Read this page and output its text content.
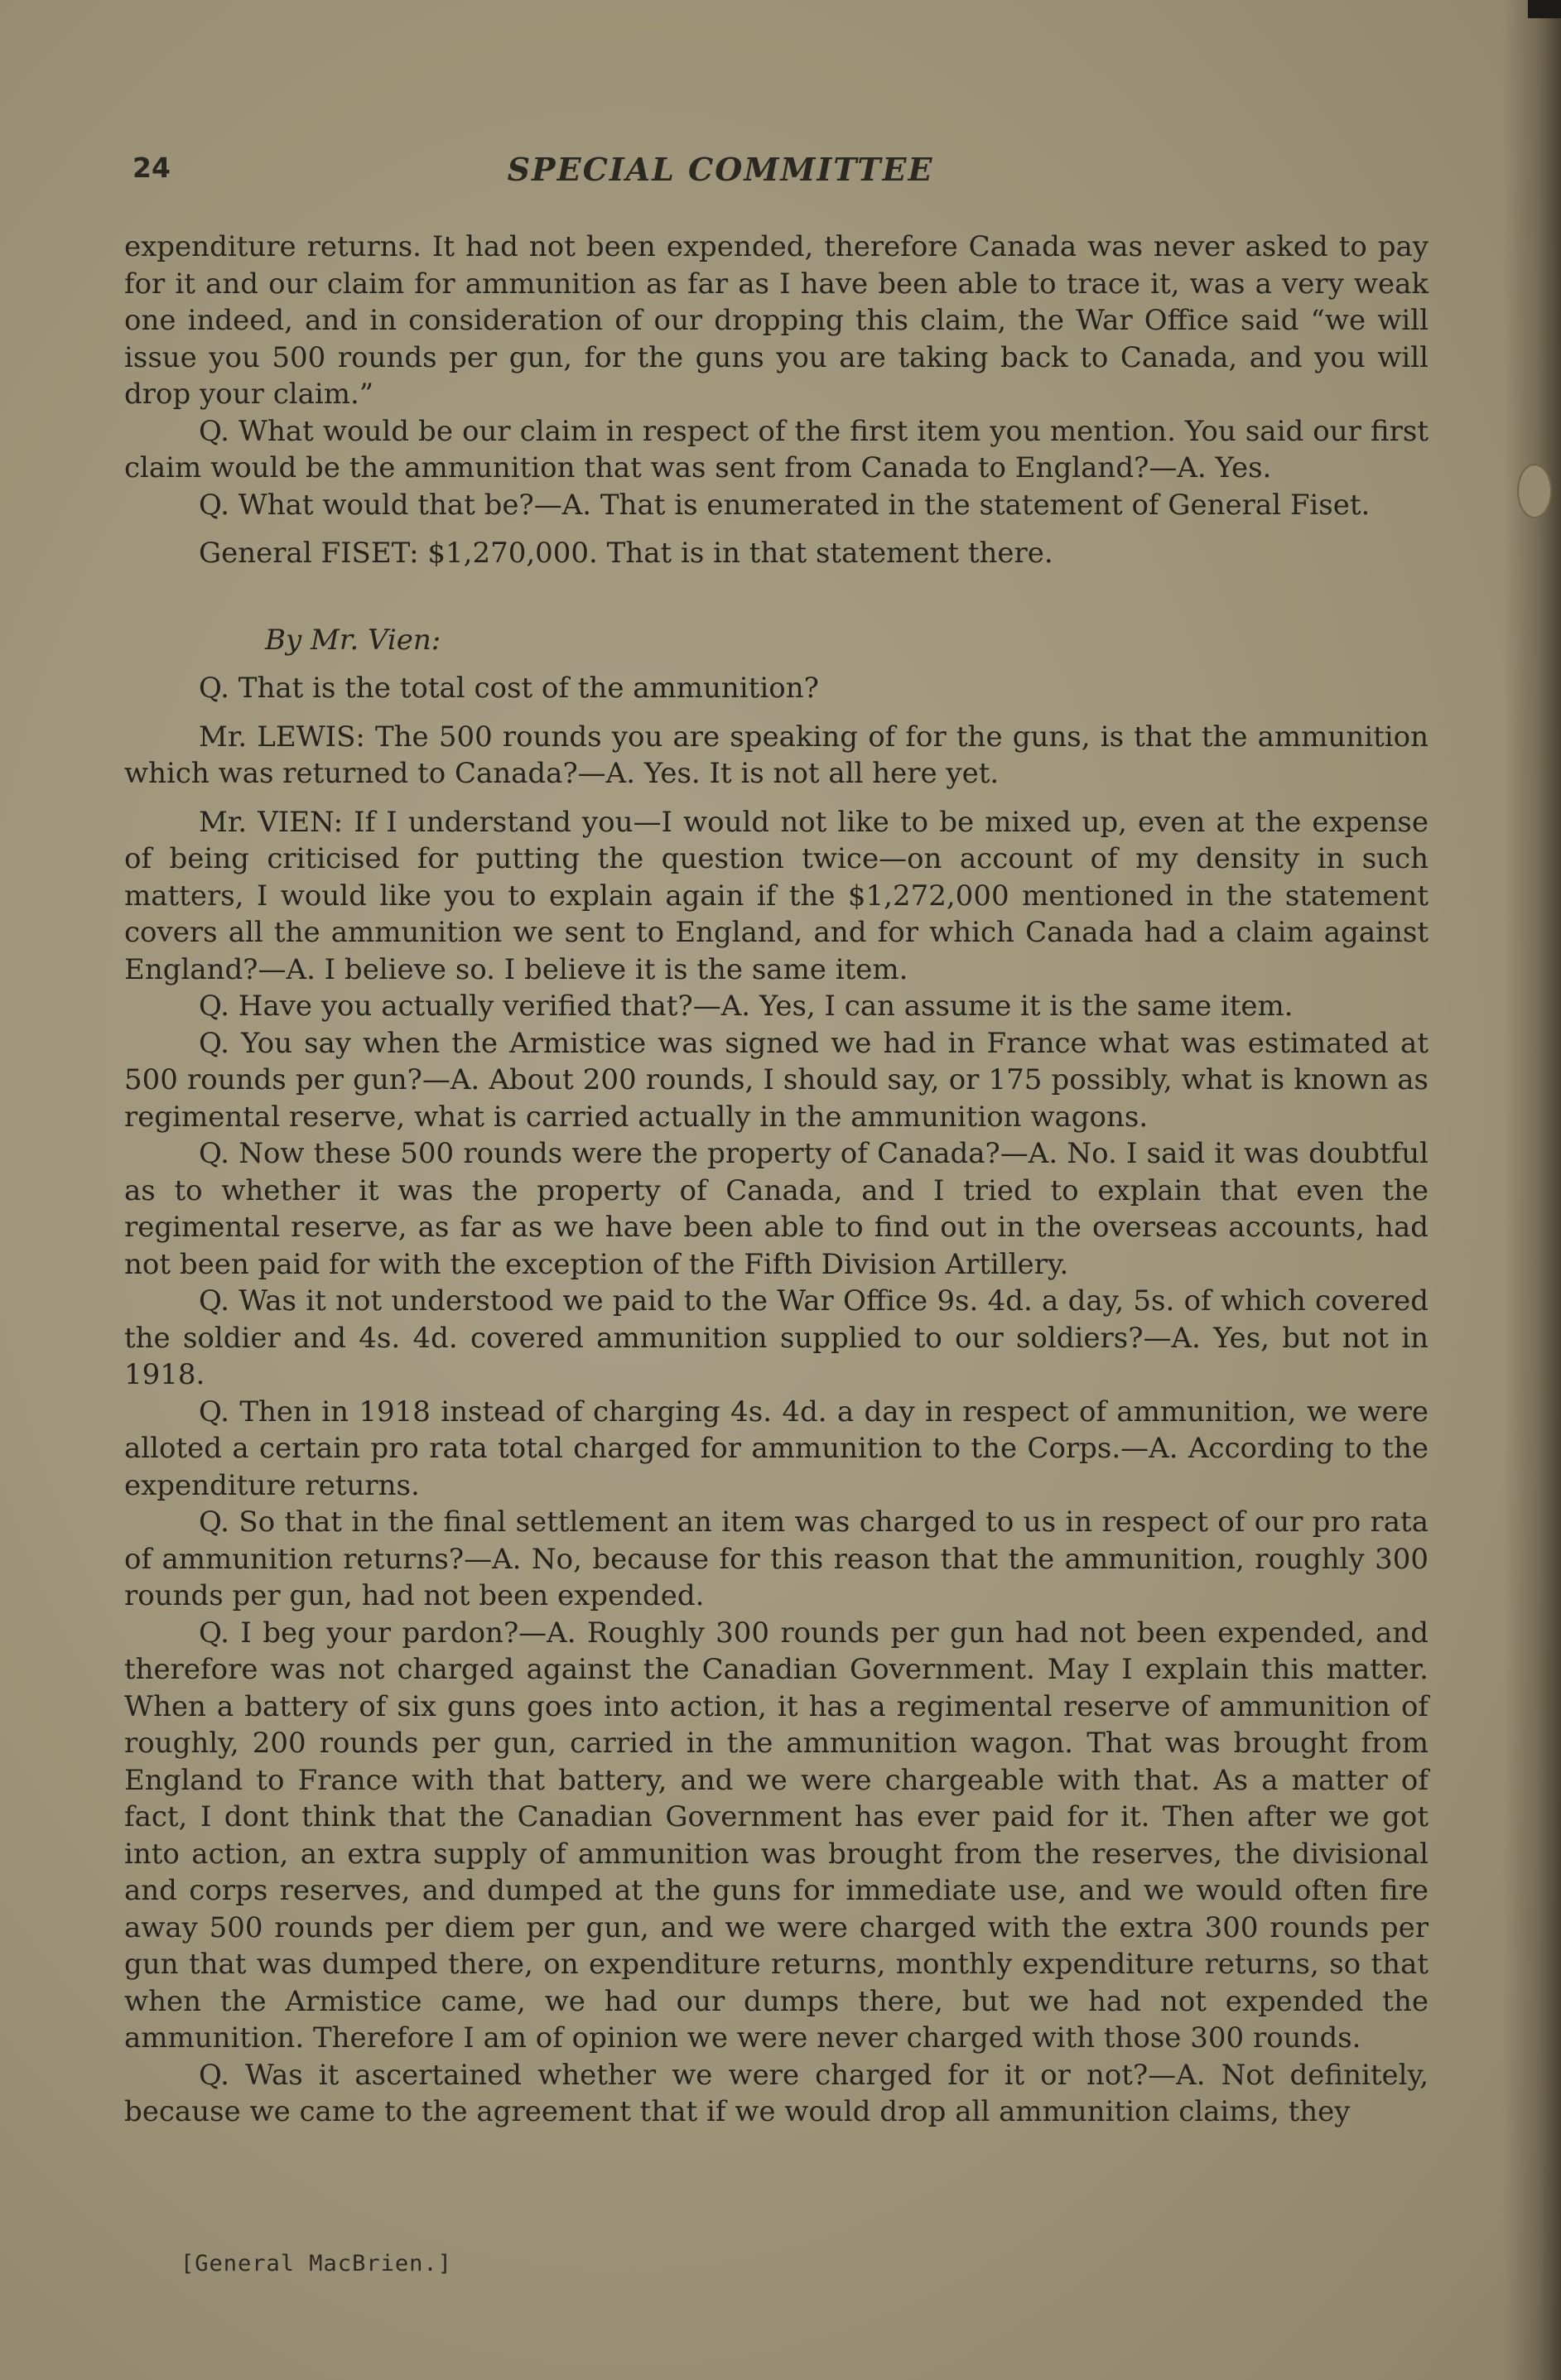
24	SPECIAL COMMITTEE

expenditure returns. It had not been expended, therefore Canada was never asked to pay for it and our claim for ammunition as far as I have been able to trace it, was a very weak one indeed, and in consideration of our dropping this claim, the War Office said “we will issue you 500 rounds per gun, for the guns you are taking back to Canada, and you will drop your claim.”

Q. What would be our claim in respect of the first item you mention. You said our first claim would be the ammunition that was sent from Canada to England?—A. Yes.

Q. What would that be?—A. That is enumerated in the statement of General Fiset.

General FISET: $1,270,000. That is in that statement there.

By Mr. Vien:

Q. That is the total cost of the ammunition?

Mr. LEWIS: The 500 rounds you are speaking of for the guns, is that the ammunition which was returned to Canada?—A. Yes. It is not all here yet.

Mr. VIEN: If I understand you—I would not like to be mixed up, even at the expense of being criticised for putting the question twice—on account of my density in such matters, I would like you to explain again if the $1,272,000 mentioned in the statement covers all the ammunition we sent to England, and for which Canada had a claim against England?—A. I believe so. I believe it is the same item.

Q. Have you actually verified that?—A. Yes, I can assume it is the same item.

Q. You say when the Armistice was signed we had in France what was estimated at 500 rounds per gun?—A. About 200 rounds, I should say, or 175 possibly, what is known as regimental reserve, what is carried actually in the ammunition wagons.

Q. Now these 500 rounds were the property of Canada?—A. No. I said it was doubtful as to whether it was the property of Canada, and I tried to explain that even the regimental reserve, as far as we have been able to find out in the overseas accounts, had not been paid for with the exception of the Fifth Division Artillery.

Q. Was it not understood we paid to the War Office 9s. 4d. a day, 5s. of which covered the soldier and 4s. 4d. covered ammunition supplied to our soldiers?—A. Yes, but not in 1918.

Q. Then in 1918 instead of charging 4s. 4d. a day in respect of ammunition, we were alloted a certain pro rata total charged for ammunition to the Corps.—A. According to the expenditure returns.

Q. So that in the final settlement an item was charged to us in respect of our pro rata of ammunition returns?—A. No, because for this reason that the ammunition, roughly 300 rounds per gun, had not been expended.

Q. I beg your pardon?—A. Roughly 300 rounds per gun had not been expended, and therefore was not charged against the Canadian Government. May I explain this matter. When a battery of six guns goes into action, it has a regimental reserve of ammunition of roughly, 200 rounds per gun, carried in the ammunition wagon. That was brought from England to France with that battery, and we were chargeable with that. As a matter of fact, I dont think that the Canadian Government has ever paid for it. Then after we got into action, an extra supply of ammunition was brought from the reserves, the divisional and corps reserves, and dumped at the guns for immediate use, and we would often fire away 500 rounds per diem per gun, and we were charged with the extra 300 rounds per gun that was dumped there, on expenditure returns, monthly expenditure returns, so that when the Armistice came, we had our dumps there, but we had not expended the ammunition. Therefore I am of opinion we were never charged with those 300 rounds.

Q. Was it ascertained whether we were charged for it or not?—A. Not definitely, because we came to the agreement that if we would drop all ammunition claims, they

[General MacBrien.]
